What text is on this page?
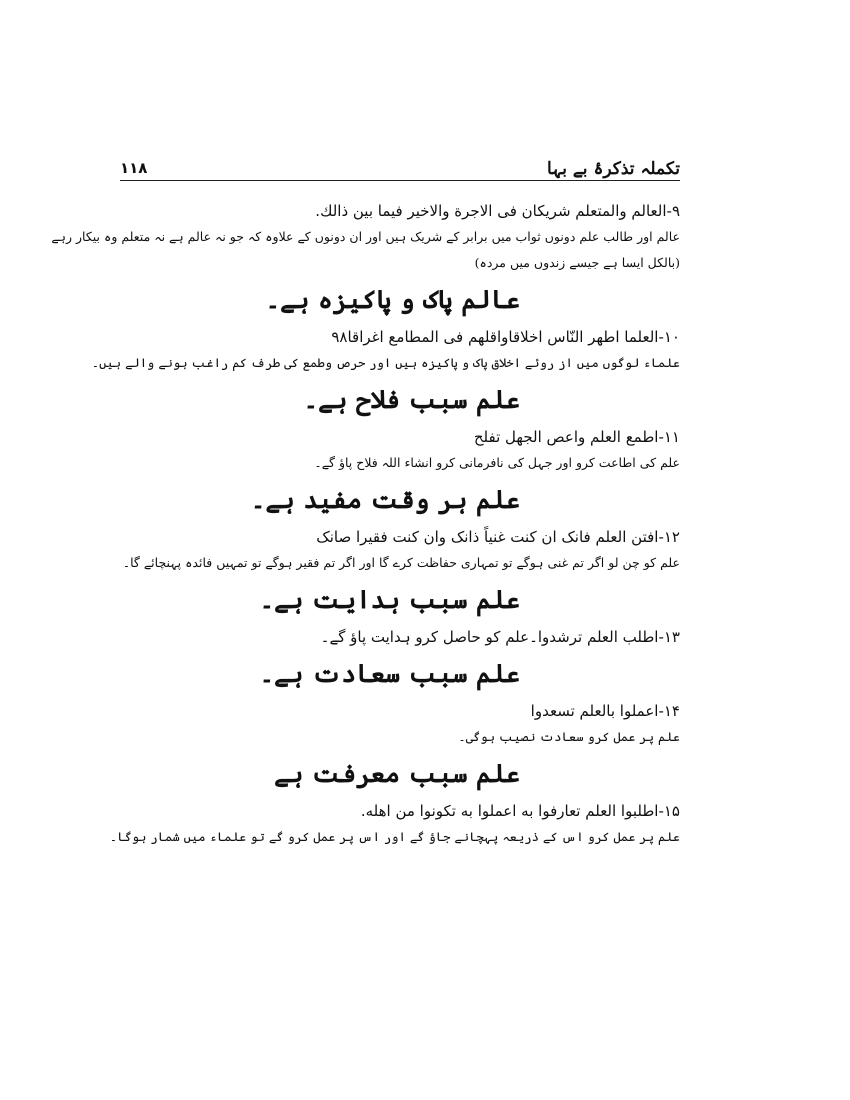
تکملہ تذکرۂ بے بہا
۱۱۸

۹-العالم والمتعلم شريكان فى الاجرة والاخير فيما بين ذالك.

عالم اور طالب علم دونوں ثواب میں برابر کے شریک ہیں اور ان دونوں کے علاوہ کہ جو نہ عالم ہے نہ متعلم وہ بیکار رہے

(بالکل ایسا ہے جیسے زندوں میں مردہ)

عالم پاک و پاکیزہ ہے۔

۱۰-العلما اطهر النّاس اخلاقاواقلهم فى المطامع اغراقا٩٨

علماء لوگوں میں از روئے اخلاق پاک و پاکیزہ ہیں اور حرص وطمع کی طرف کم راغب ہونے والے ہیں۔

علم سبب فلاح ہے۔

۱۱-اطمع العلم واعص الجهل تفلح

علم کی اطاعت کرو اور جہل کی نافرمانی کرو انشاء اللہ فلاح پاؤ گے۔

علم ہر وقت مفید ہے۔

۱۲-افتن العلم فانک ان كنت غنياً ذانک وان كنت فقيرا صانک

علم کو چن لو اگر تم غنی ہوگے تو تمہاری حفاظت کرے گا اور اگر تم فقیر ہوگے تو تمہیں فائدہ پہنچائے گا۔

علم سبب ہدایت ہے۔

۱۳-اطلب العلم ترشدوا۔علم کو حاصل کرو ہدایت پاؤ گے۔

علم سبب سعادت ہے۔

۱۴-اعملوا بالعلم تسعدوا

علم پر عمل کرو سعادت نصیب ہوگی۔

علم سبب معرفت ہے

۱۵-اطلبوا العلم تعارفوا به اعملوا به تكونوا من اهله.

علم پر عمل کرو اس کے ذریعہ پہچانے جاؤ گے اور اس پر عمل کرو گے تو علماء میں شمار ہوگا۔
